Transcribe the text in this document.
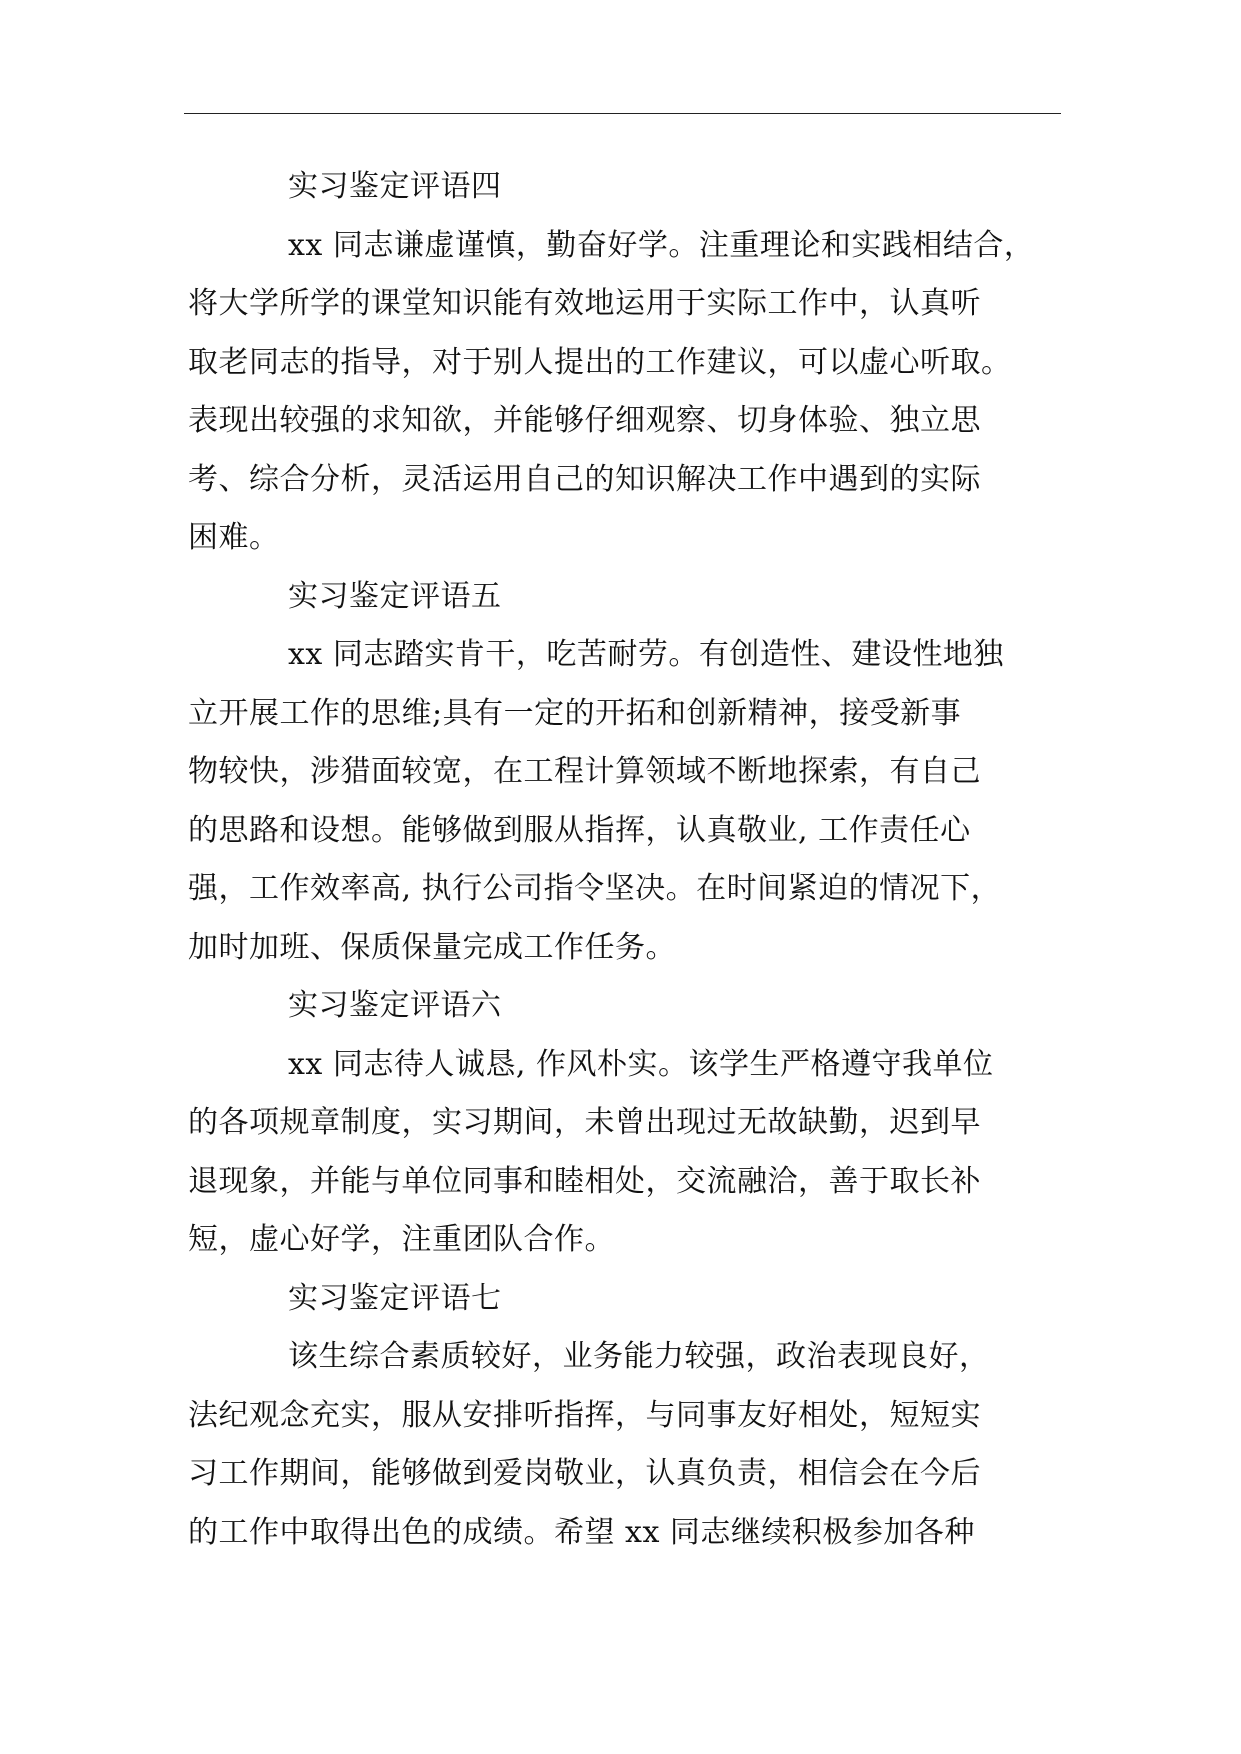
实习鉴定评语四
xx 同志谦虚谨慎，勤奋好学。注重理论和实践相结合，
将大学所学的课堂知识能有效地运用于实际工作中，认真听
取老同志的指导，对于别人提出的工作建议，可以虚心听取。
表现出较强的求知欲，并能够仔细观察、切身体验、独立思
考、综合分析，灵活运用自己的知识解决工作中遇到的实际
困难。
实习鉴定评语五
xx 同志踏实肯干，吃苦耐劳。有创造性、建设性地独
立开展工作的思维;具有一定的开拓和创新精神，接受新事
物较快，涉猎面较宽，在工程计算领域不断地探索，有自己
的思路和设想。能够做到服从指挥，认真敬业, 工作责任心
强，工作效率高, 执行公司指令坚决。在时间紧迫的情况下，
加时加班、保质保量完成工作任务。
实习鉴定评语六
xx 同志待人诚恳, 作风朴实。该学生严格遵守我单位
的各项规章制度，实习期间，未曾出现过无故缺勤，迟到早
退现象，并能与单位同事和睦相处，交流融洽，善于取长补
短，虚心好学，注重团队合作。
实习鉴定评语七
该生综合素质较好，业务能力较强，政治表现良好，
法纪观念充实，服从安排听指挥，与同事友好相处，短短实
习工作期间，能够做到爱岗敬业，认真负责，相信会在今后
的工作中取得出色的成绩。希望 xx 同志继续积极参加各种
